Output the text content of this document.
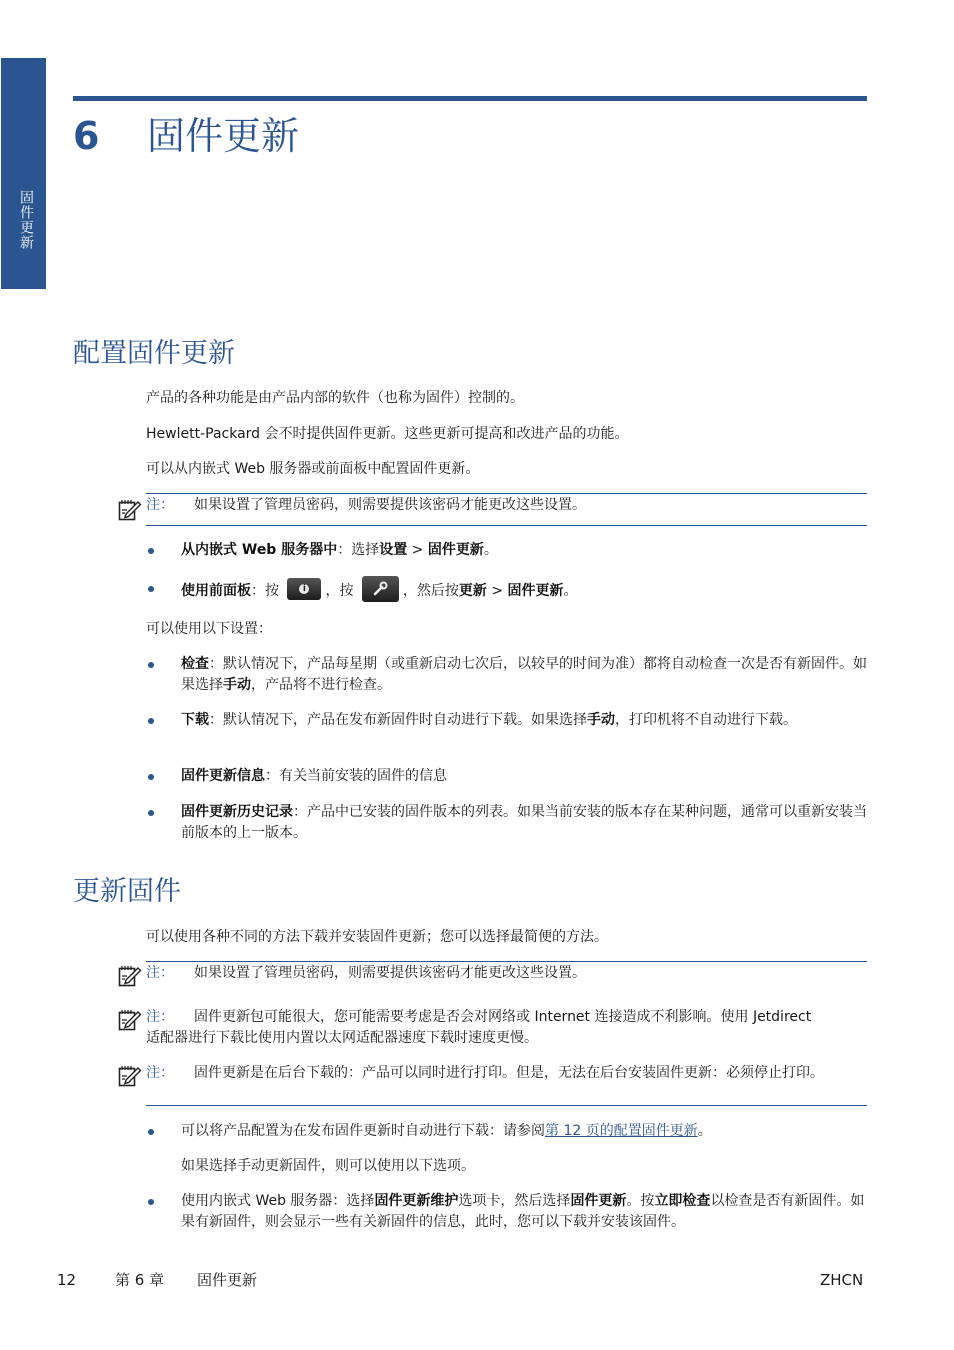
固件更新
6	固件更新
配置固件更新
产品的各种功能是由产品内部的软件（也称为固件）控制的。
Hewlett-Packard 会不时提供固件更新。这些更新可提高和改进产品的功能。
可以从内嵌式 Web 服务器或前面板中配置固件更新。
注： 如果设置了管理员密码，则需要提供该密码才能更改这些设置。
从内嵌式 Web 服务器中：选择设置 > 固件更新。
使用前面板：按	i ，按	，然后按更新 > 固件更新。
可以使用以下设置：
检查：默认情况下，产品每星期（或重新启动七次后，以较早的时间为准）都将自动检查一次是否有新固件。如果选择手动，产品将不进行检查。
下载：默认情况下，产品在发布新固件时自动进行下载。如果选择手动，打印机将不自动进行下载。
固件更新信息：有关当前安装的固件的信息
固件更新历史记录：产品中已安装的固件版本的列表。如果当前安装的版本存在某种问题，通常可以重新安装当前版本的上一版本。
更新固件
可以使用各种不同的方法下载并安装固件更新；您可以选择最简便的方法。
注： 如果设置了管理员密码，则需要提供该密码才能更改这些设置。
注： 固件更新包可能很大，您可能需要考虑是否会对网络或 Internet 连接造成不利影响。使用 Jetdirect 适配器进行下载比使用内置以太网适配器速度下载时速度更慢。
注： 固件更新是在后台下载的：产品可以同时进行打印。但是，无法在后台安装固件更新：必须停止打印。
可以将产品配置为在发布固件更新时自动进行下载：请参阅第 12 页的配置固件更新。
如果选择手动更新固件，则可以使用以下选项。
使用内嵌式 Web 服务器：选择固件更新维护选项卡，然后选择固件更新。按立即检查以检查是否有新固件。如果有新固件，则会显示一些有关新固件的信息，此时，您可以下载并安装该固件。
12	第 6 章 固件更新	ZHCN
